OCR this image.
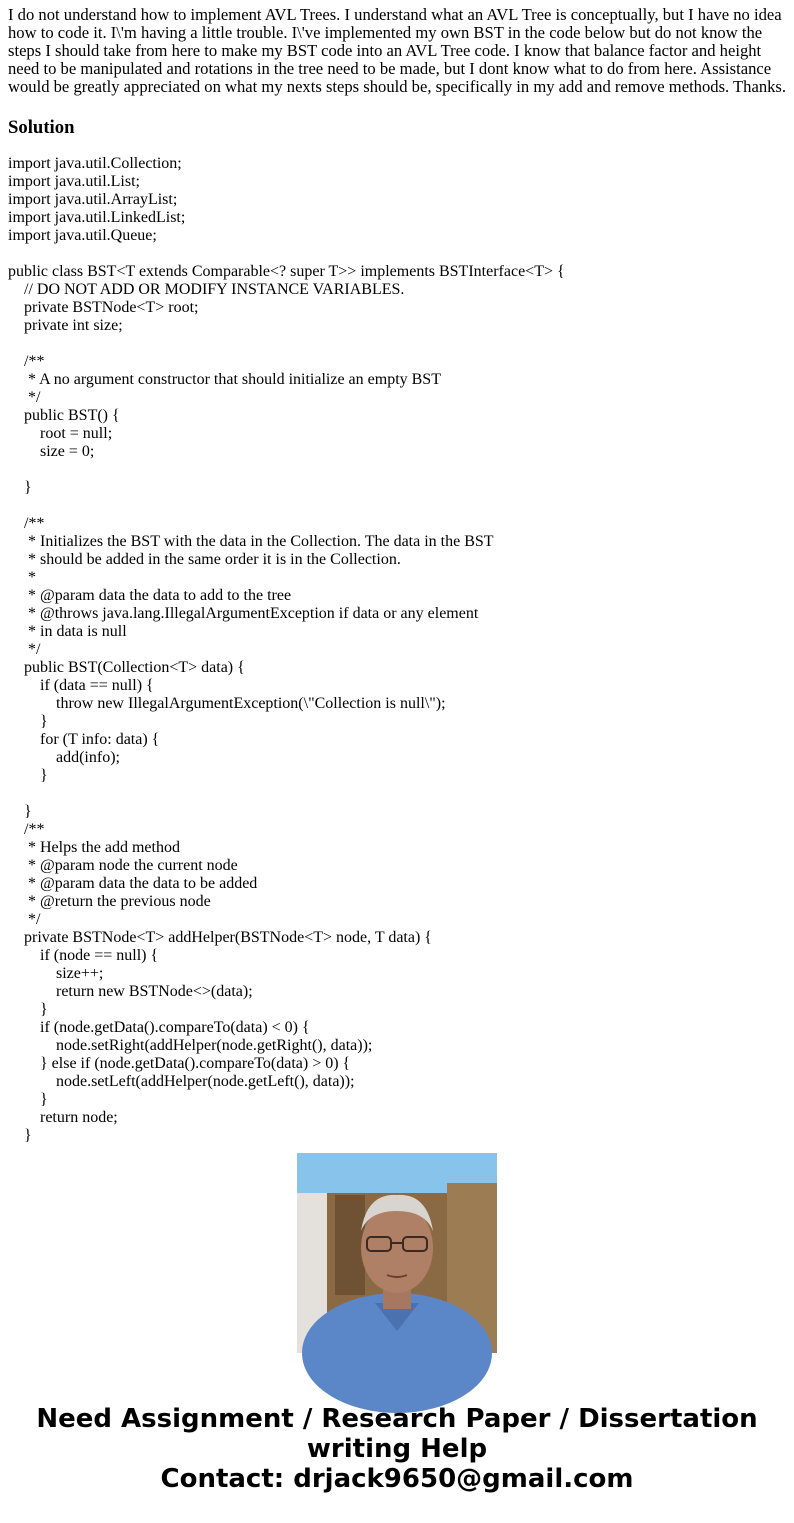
I do not understand how to implement AVL Trees. I understand what an AVL Tree is conceptually, but I have no idea how to code it. I\'m having a little trouble. I\'ve implemented my own BST in the code below but do not know the steps I should take from here to make my BST code into an AVL Tree code. I know that balance factor and height need to be manipulated and rotations in the tree need to be made, but I dont know what to do from here. Assistance would be greatly appreciated on what my nexts steps should be, specifically in my add and remove methods. Thanks.

Solution
import java.util.Collection;
import java.util.List;
import java.util.ArrayList;
import java.util.LinkedList;
import java.util.Queue;

public class BST<T extends Comparable<? super T>> implements BSTInterface<T> {
// DO NOT ADD OR MODIFY INSTANCE VARIABLES.
private BSTNode<T> root;
private int size;

/**
* A no argument constructor that should initialize an empty BST
*/
public BST() {
root = null;
size = 0;

}

/**
* Initializes the BST with the data in the Collection. The data in the BST
* should be added in the same order it is in the Collection.
*
* @param data the data to add to the tree
* @throws java.lang.IllegalArgumentException if data or any element
* in data is null
*/
public BST(Collection<T> data) {
if (data == null) {
throw new IllegalArgumentException(\"Collection is null\");
}
for (T info: data) {
add(info);
}

}
/**
* Helps the add method
* @param node the current node
* @param data the data to be added
* @return the previous node
*/
private BSTNode<T> addHelper(BSTNode<T> node, T data) {
if (node == null) {
size++;
return new BSTNode<>(data);
}
if (node.getData().compareTo(data) < 0) {
node.setRight(addHelper(node.getRight(), data));
} else if (node.getData().compareTo(data) > 0) {
node.setLeft(addHelper(node.getLeft(), data));
}
return node;
}
Need Assignment / Research Paper / Dissertation
writing Help
Contact: drjack9650@gmail.com
